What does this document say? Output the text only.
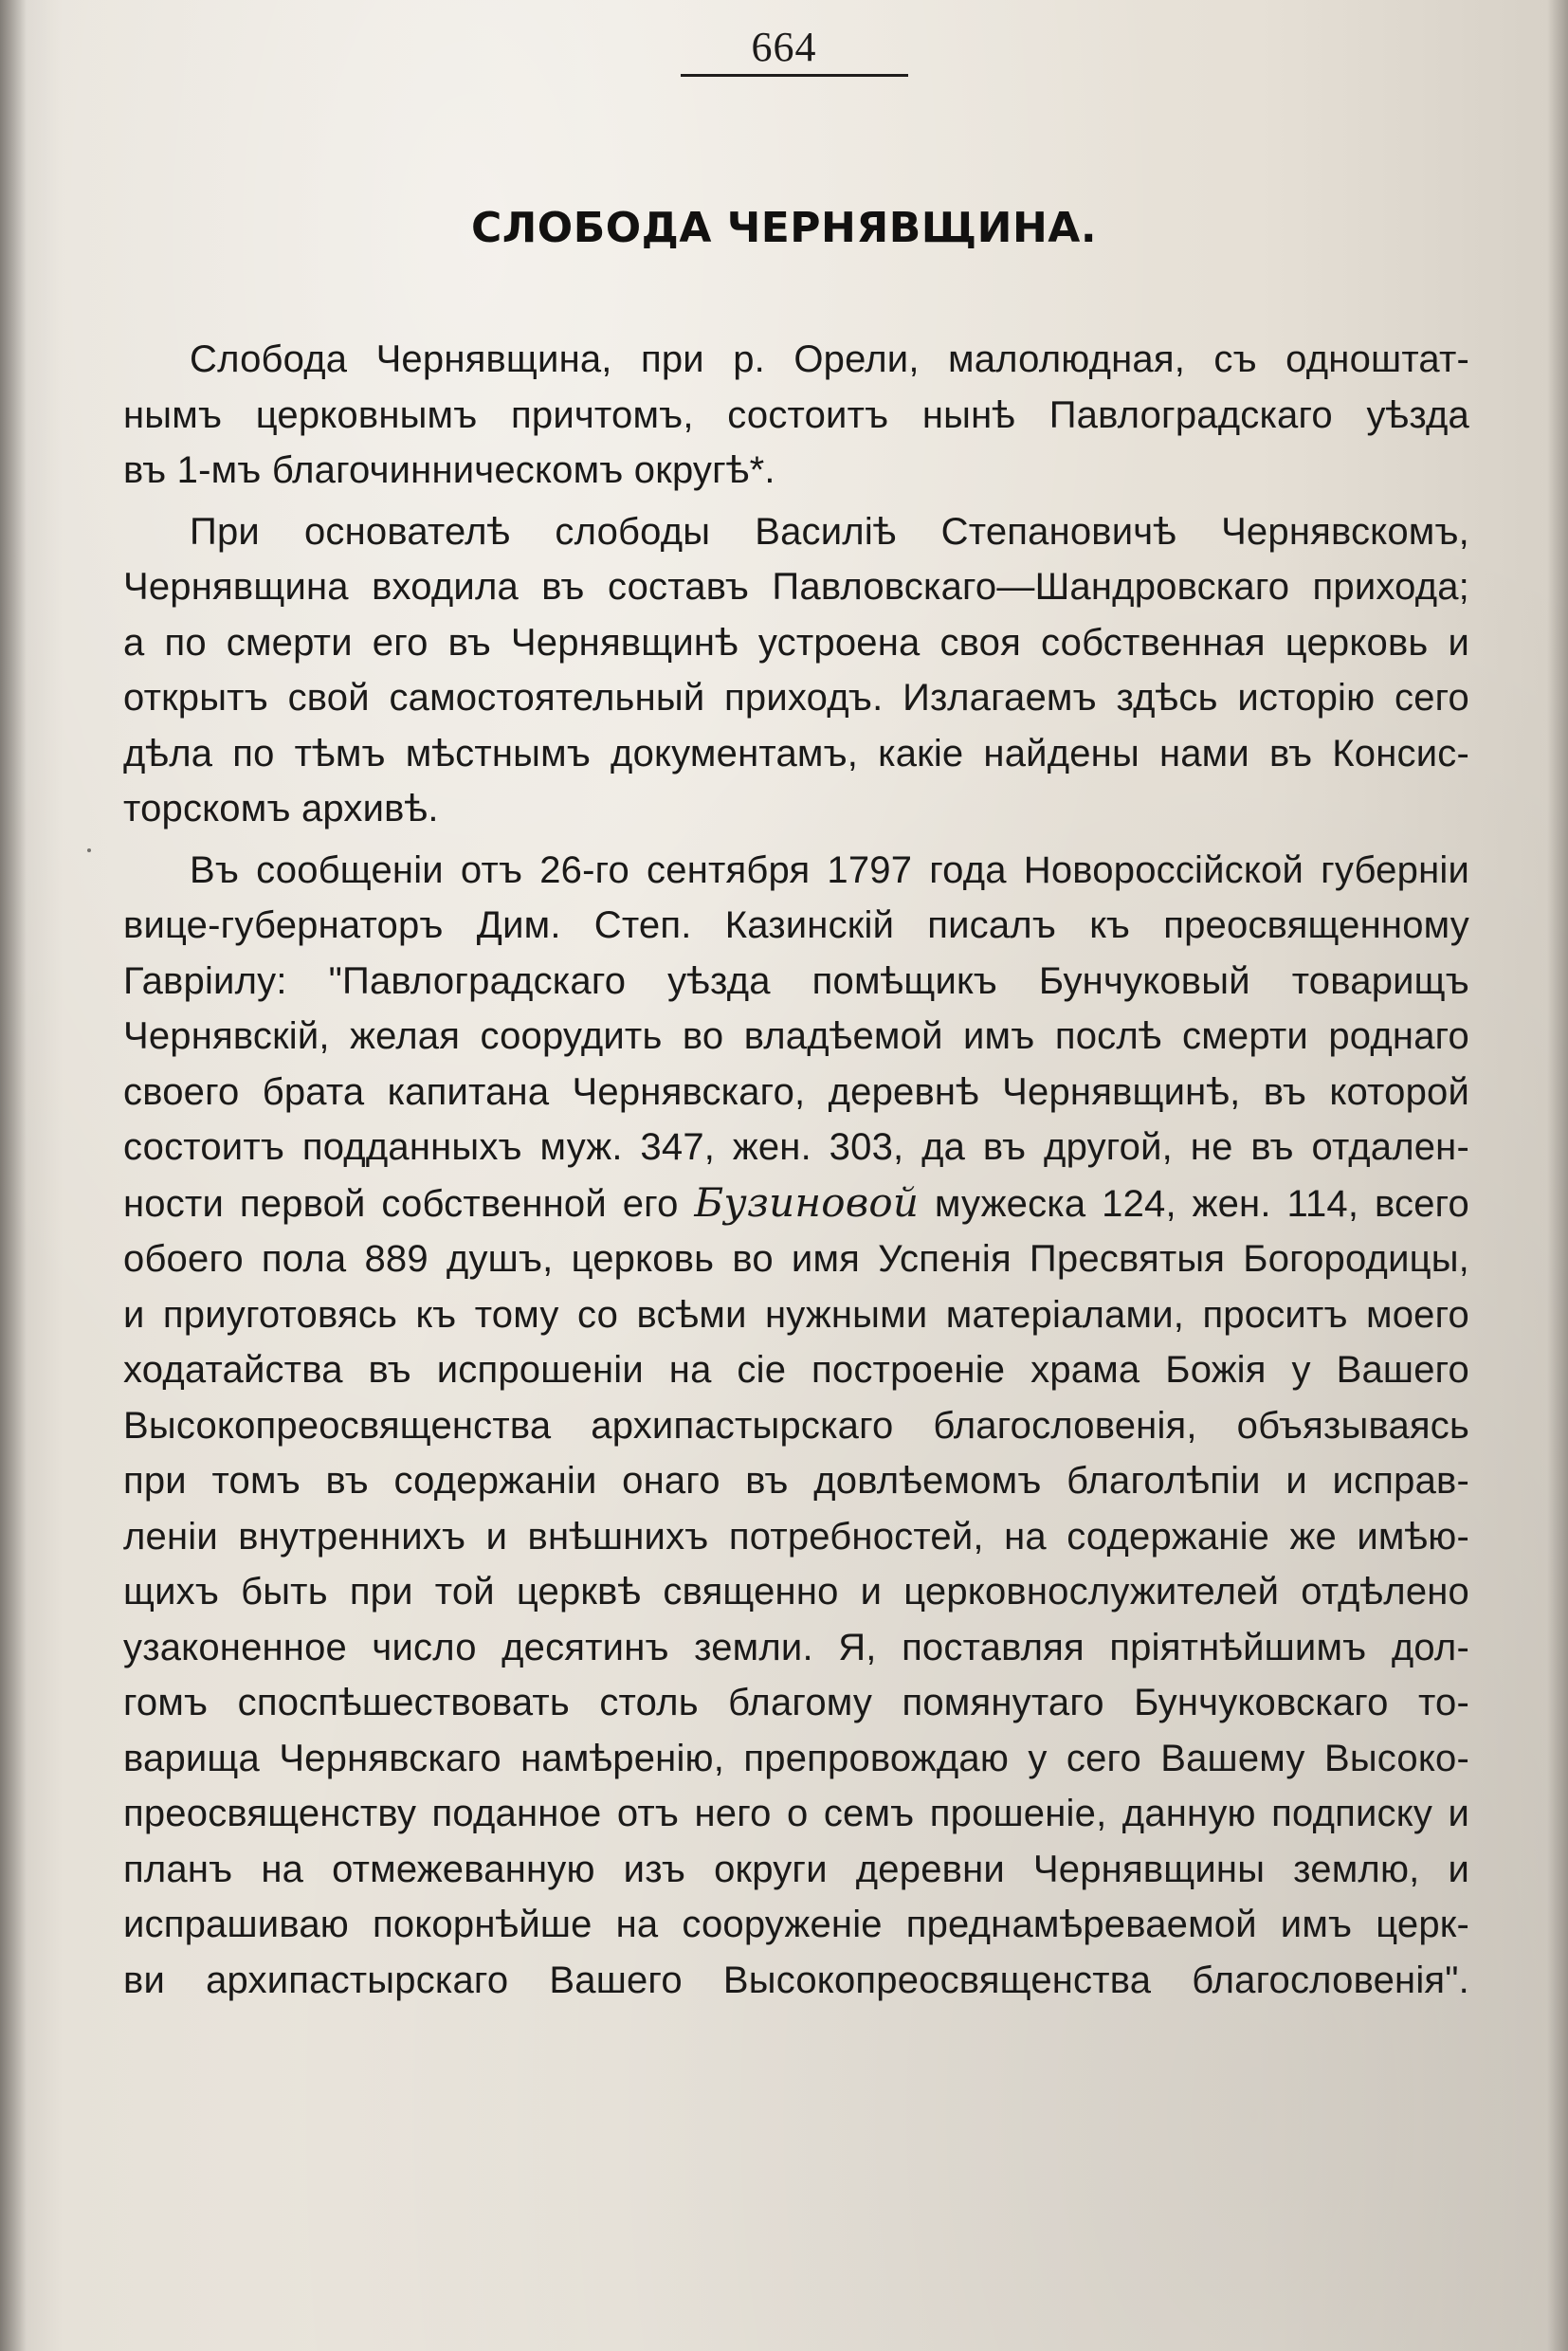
664
СЛОБОДА ЧЕРНЯВЩИНА.
Слобода Чернявщина, при р. Орели, малолюдная, съ одноштат-
нымъ церковнымъ причтомъ, состоитъ нынѣ Павлоградскаго уѣзда
въ 1-мъ благочинническомъ округѣ*.
При основателѣ слободы Василіѣ Степановичѣ Чернявскомъ,
Чернявщина входила въ составъ Павловскаго—Шандровскаго прихода;
а по смерти его въ Чернявщинѣ устроена своя собственная церковь и
открытъ свой самостоятельный приходъ. Излагаемъ здѣсь исторію сего
дѣла по тѣмъ мѣстнымъ документамъ, какіе найдены нами въ Консис-
торскомъ архивѣ.
Въ сообщеніи отъ 26-го сентября 1797 года Новороссійской губерніи
вице-губернаторъ Дим. Степ. Казинскій писалъ къ преосвященному
Гавріилу: "Павлоградскаго уѣзда помѣщикъ Бунчуковый товарищъ
Чернявскій, желая соорудить во владѣемой имъ послѣ смерти роднаго
своего брата капитана Чернявскаго, деревнѣ Чернявщинѣ, въ которой
состоитъ подданныхъ муж. 347, жен. 303, да въ другой, не въ отдален-
ности первой собственной его Бузиновой мужеска 124, жен. 114, всего
обоего пола 889 душъ, церковь во имя Успенія Пресвятыя Богородицы,
и приуготовясь къ тому со всѣми нужными матеріалами, проситъ моего
ходатайства въ испрошеніи на сіе построеніе храма Божія у Вашего
Высокопреосвященства архипастырскаго благословенія, объязываясь
при томъ въ содержаніи онаго въ довлѣемомъ благолѣпіи и исправ-
леніи внутреннихъ и внѣшнихъ потребностей, на содержаніе же имѣю-
щихъ быть при той церквѣ священно и церковнослужителей отдѣлено
узаконенное число десятинъ земли. Я, поставляя пріятнѣйшимъ дол-
гомъ споспѣшествовать столь благому помянутаго Бунчуковскаго то-
варища Чернявскаго намѣренію, препровождаю у сего Вашему Высоко-
преосвященству поданное отъ него о семъ прошеніе, данную подписку и
планъ на отмежеванную изъ округи деревни Чернявщины землю, и
испрашиваю покорнѣйше на сооруженіе преднамѣреваемой имъ церк-
ви архипастырскаго Вашего Высокопреосвященства благословенія".
